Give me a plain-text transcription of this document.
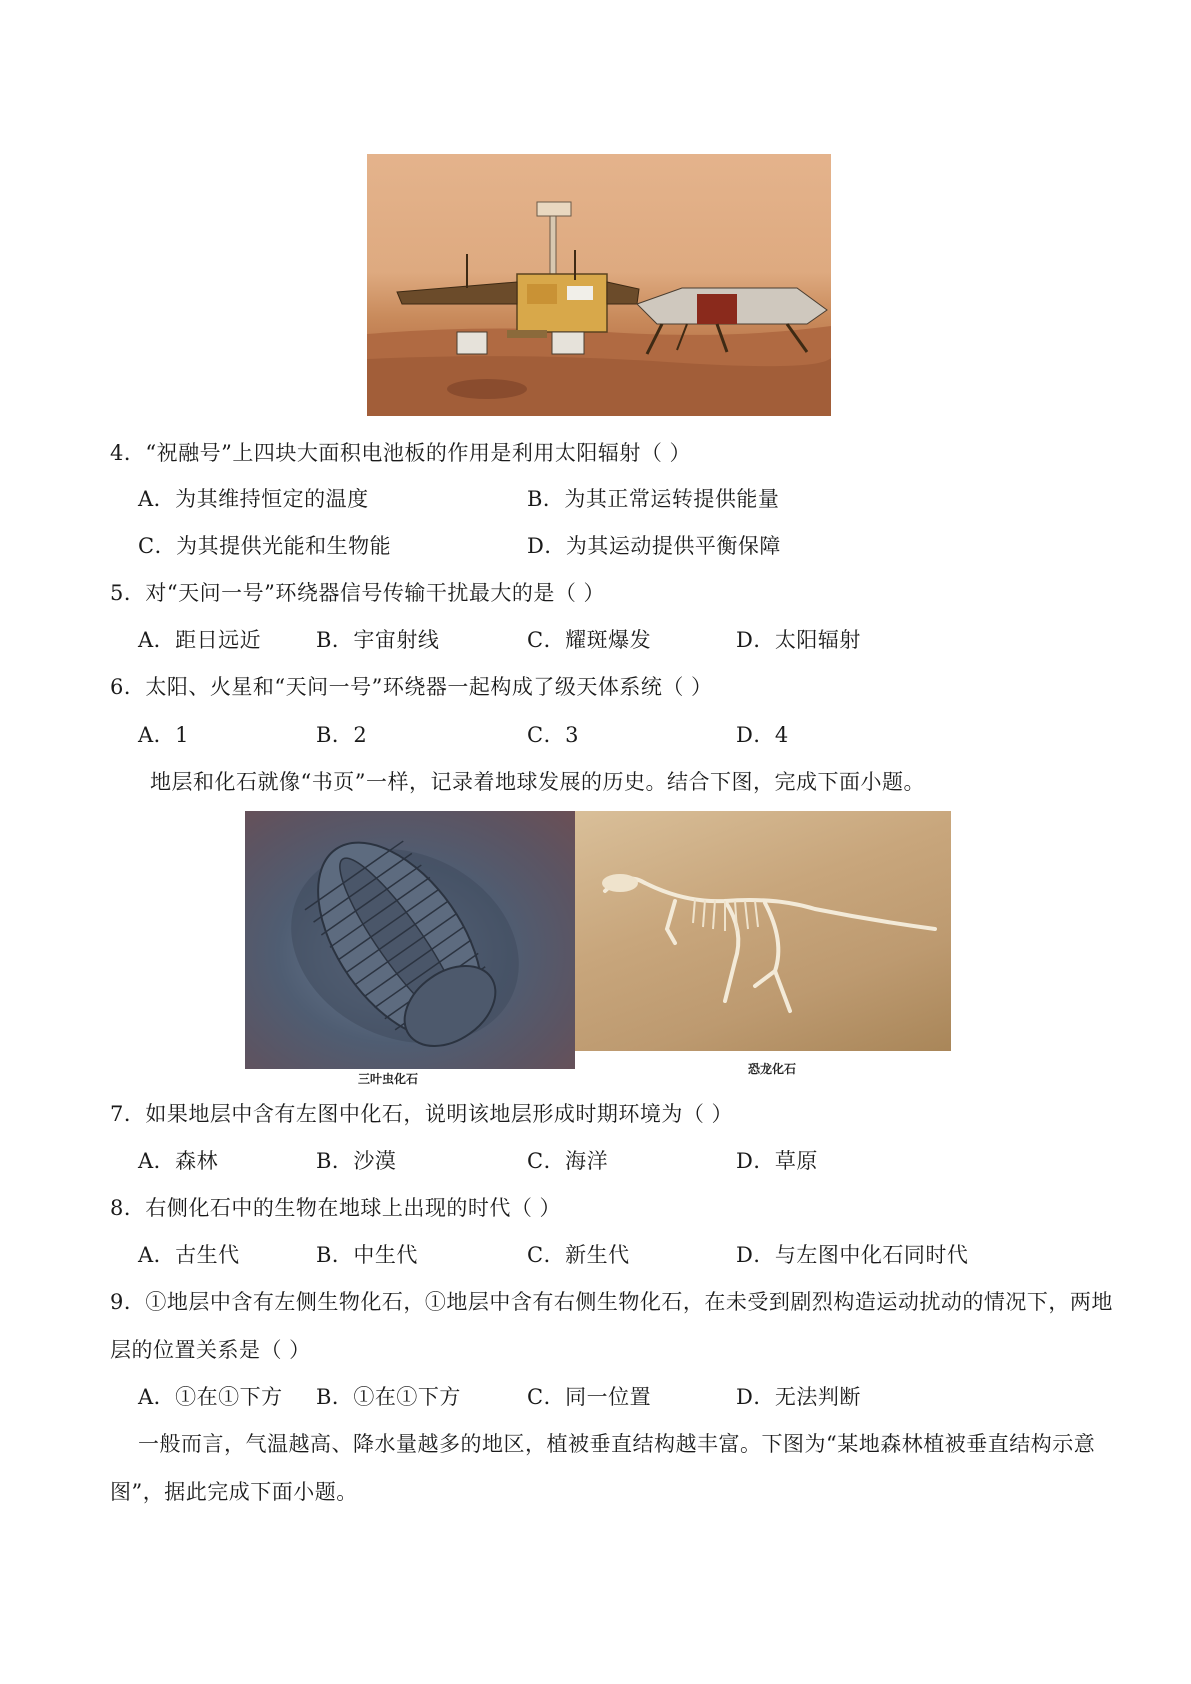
4．“祝融号”上四块大面积电池板的作用是利用太阳辐射（ ）
A．为其维持恒定的温度	B．为其正常运转提供能量
C．为其提供光能和生物能	D．为其运动提供平衡保障
5．对“天问一号”环绕器信号传输干扰最大的是（ ）
A．距日远近	B．宇宙射线	C．耀斑爆发	D．太阳辐射
6．太阳、火星和“天问一号”环绕器一起构成了级天体系统（ ）
A．1	B．2	C．3	D．4
地层和化石就像“书页”一样，记录着地球发展的历史。结合下图，完成下面小题。
三叶虫化石
恐龙化石
7．如果地层中含有左图中化石，说明该地层形成时期环境为（ ）
A．森林	B．沙漠	C．海洋	D．草原
8．右侧化石中的生物在地球上出现的时代（ ）
A．古生代	B．中生代	C．新生代	D．与左图中化石同时代
9．①地层中含有左侧生物化石，①地层中含有右侧生物化石，在未受到剧烈构造运动扰动的情况下，两地
层的位置关系是（ ）
A．①在①下方 B．①在①下方	C．同一位置	D．无法判断
一般而言，气温越高、降水量越多的地区，植被垂直结构越丰富。下图为“某地森林植被垂直结构示意
图”，据此完成下面小题。
